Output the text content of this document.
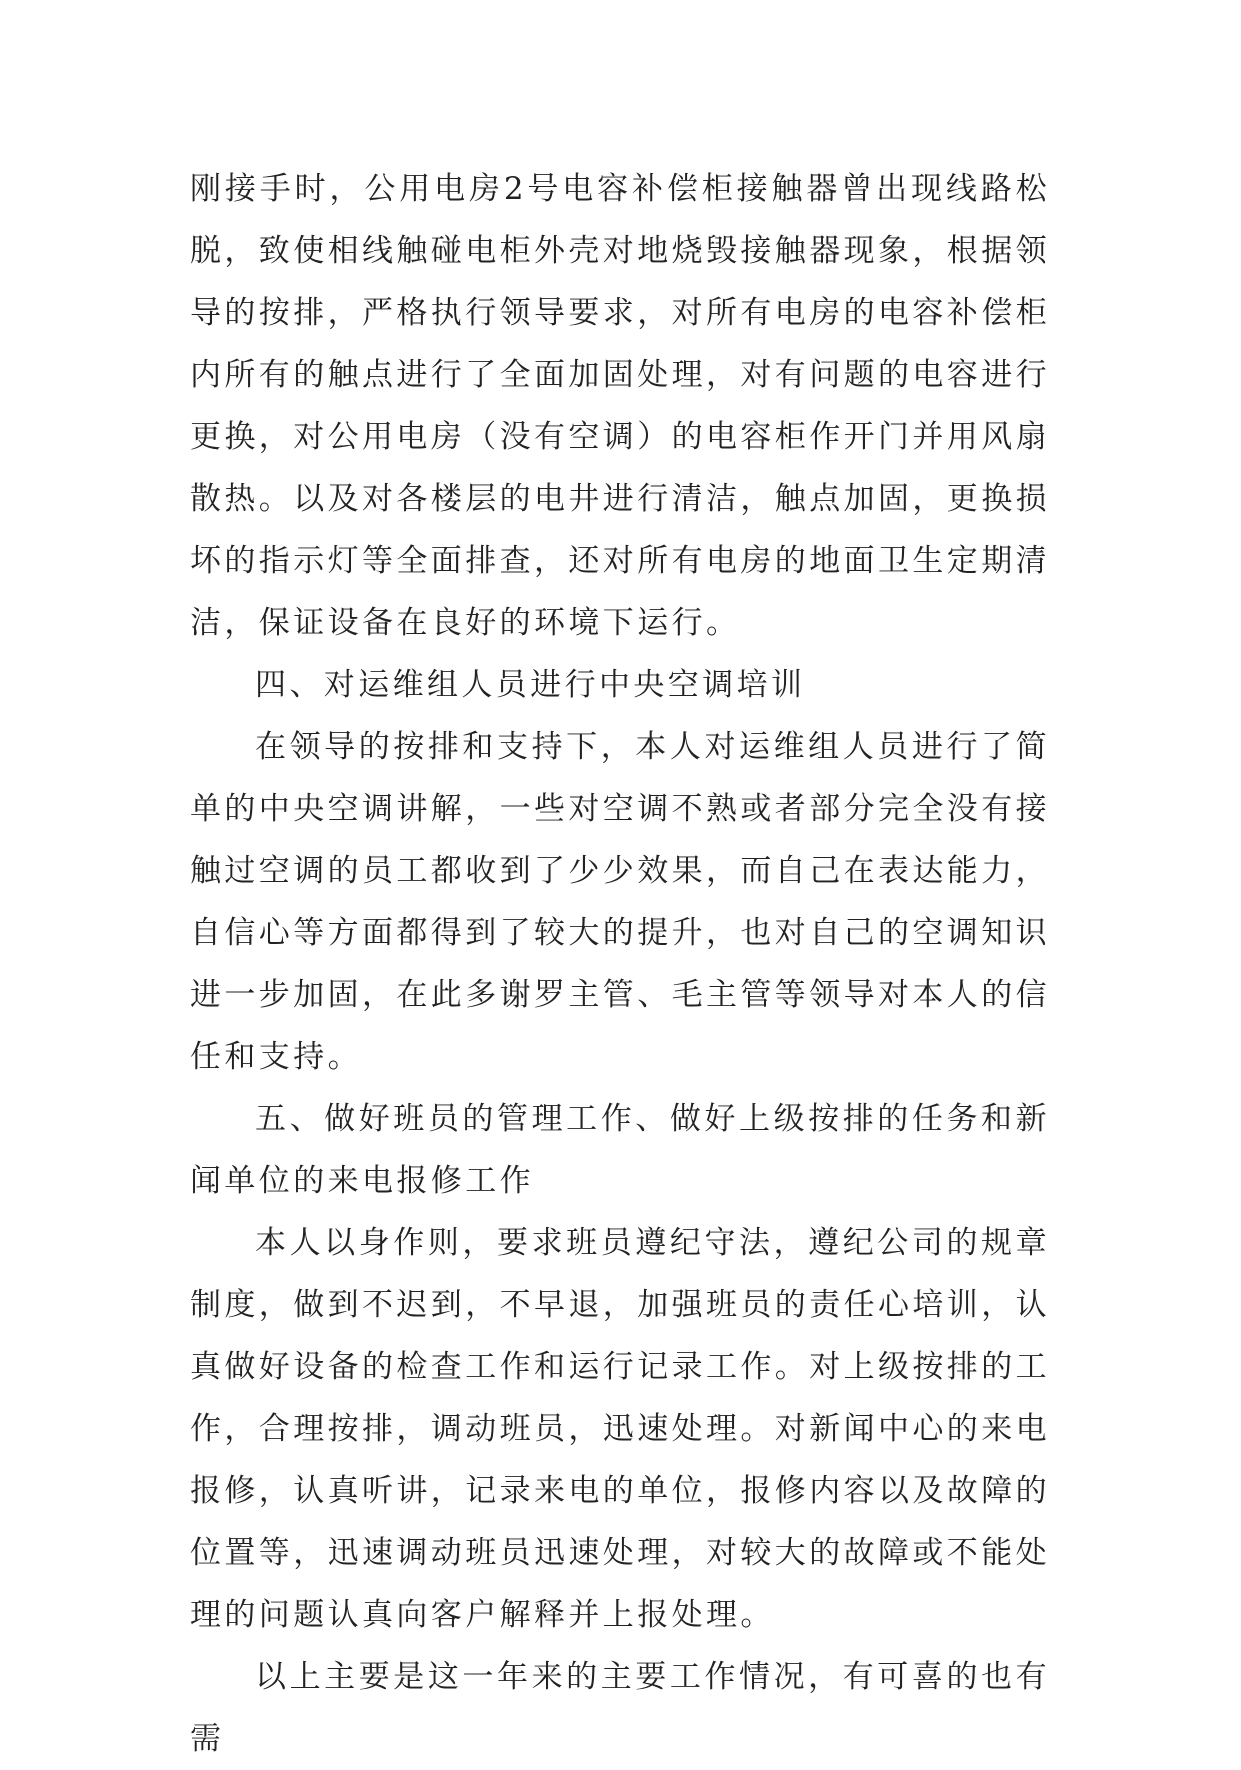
刚接手时，公用电房2号电容补偿柜接触器曾出现线路松脱，致使相线触碰电柜外壳对地烧毁接触器现象，根据领导的按排，严格执行领导要求，对所有电房的电容补偿柜内所有的触点进行了全面加固处理，对有问题的电容进行更换，对公用电房（没有空调）的电容柜作开门并用风扇散热。以及对各楼层的电井进行清洁，触点加固，更换损坏的指示灯等全面排查，还对所有电房的地面卫生定期清洁，保证设备在良好的环境下运行。

四、对运维组人员进行中央空调培训

在领导的按排和支持下，本人对运维组人员进行了简单的中央空调讲解，一些对空调不熟或者部分完全没有接触过空调的员工都收到了少少效果，而自己在表达能力，自信心等方面都得到了较大的提升，也对自己的空调知识进一步加固，在此多谢罗主管、毛主管等领导对本人的信任和支持。

五、做好班员的管理工作、做好上级按排的任务和新闻单位的来电报修工作

本人以身作则，要求班员遵纪守法，遵纪公司的规章制度，做到不迟到，不早退，加强班员的责任心培训，认真做好设备的检查工作和运行记录工作。对上级按排的工作，合理按排，调动班员，迅速处理。对新闻中心的来电报修，认真听讲，记录来电的单位，报修内容以及故障的位置等，迅速调动班员迅速处理，对较大的故障或不能处理的问题认真向客户解释并上报处理。

以上主要是这一年来的主要工作情况，有可喜的也有需
